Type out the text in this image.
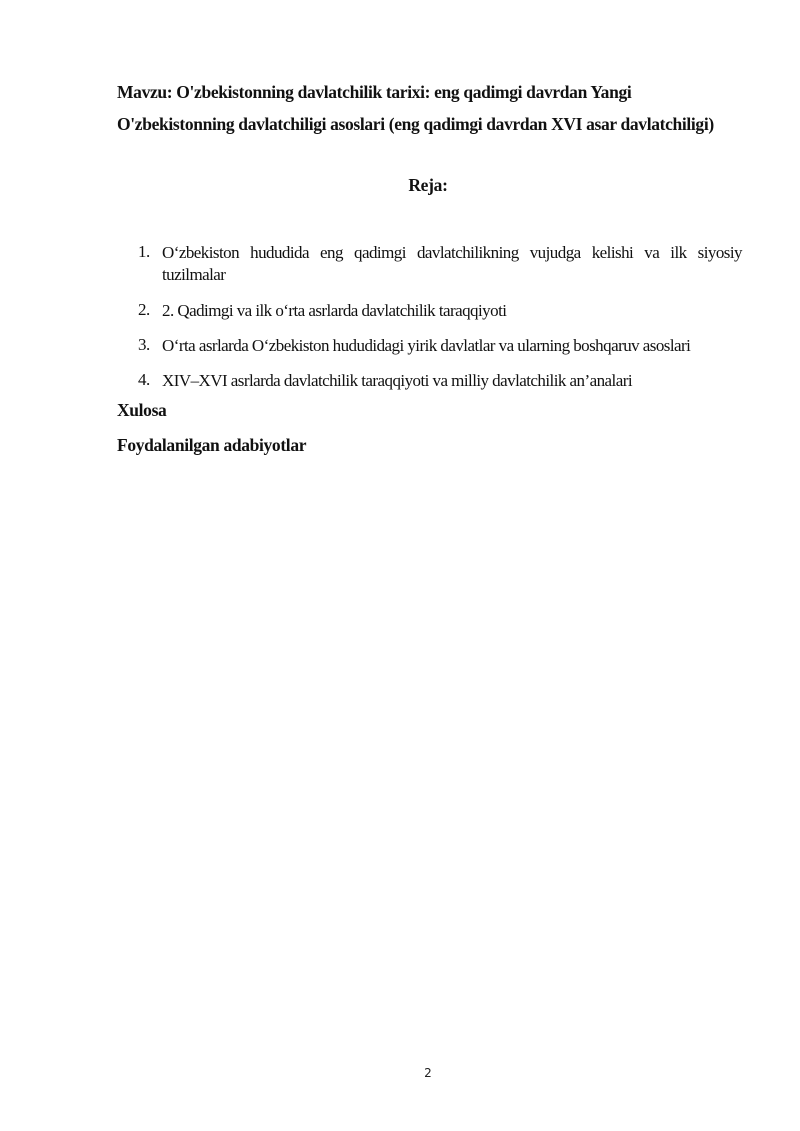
Mavzu: O'zbekistonning davlatchilik tarixi: eng qadimgi davrdan Yangi
O'zbekistonning davlatchiligi asoslari (eng qadimgi davrdan XVI asar davlatchiligi)

Reja:

1. O‘zbekiston hududida eng qadimgi davlatchilikning vujudga kelishi va ilk siyosiy tuzilmalar
2. 2. Qadimgi va ilk o‘rta asrlarda davlatchilik taraqqiyoti
3. O‘rta asrlarda O‘zbekiston hududidagi yirik davlatlar va ularning boshqaruv asoslari
4. XIV–XVI asrlarda davlatchilik taraqqiyoti va milliy davlatchilik an’analari

Xulosa

Foydalanilgan adabiyotlar

2
